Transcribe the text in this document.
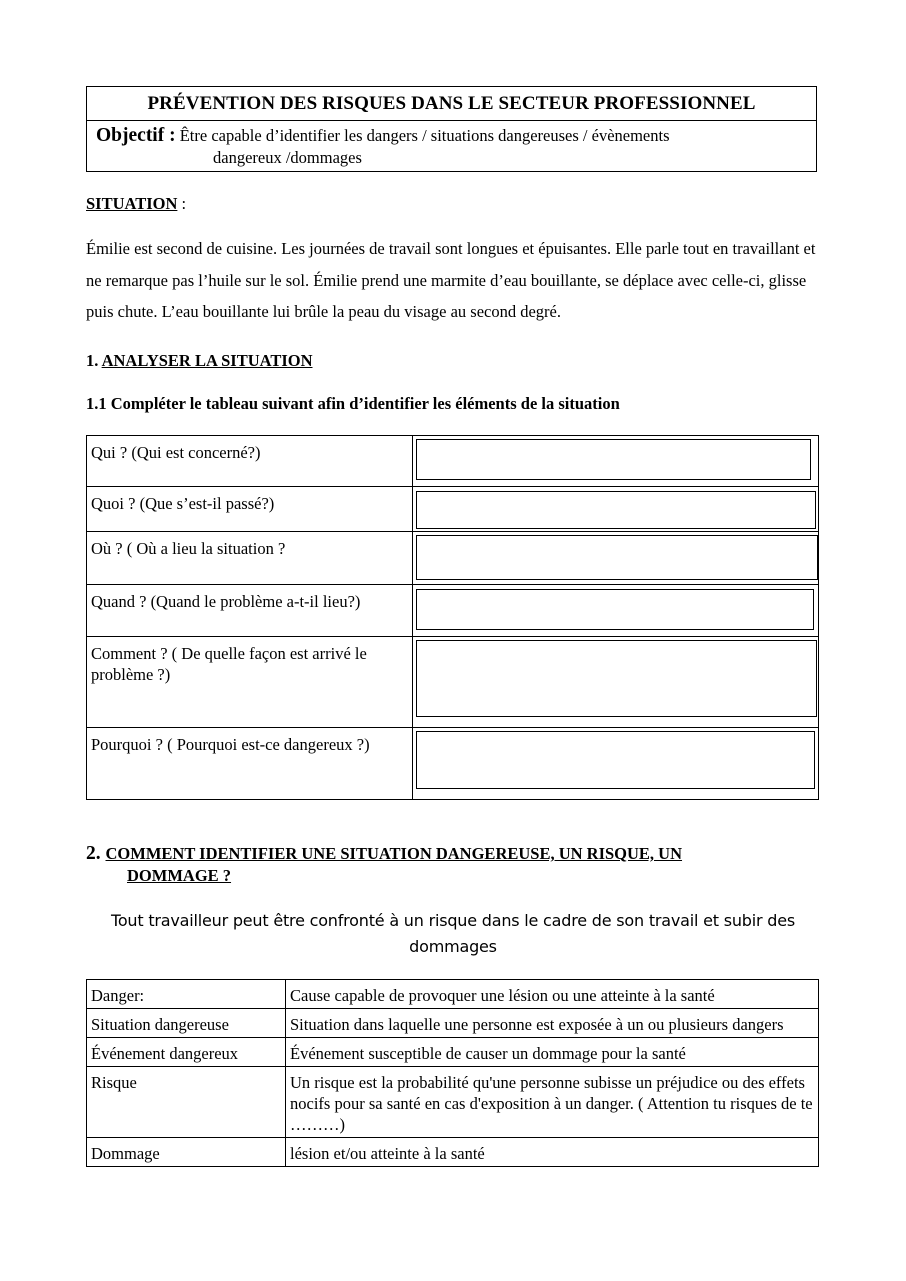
PRÉVENTION DES RISQUES DANS LE SECTEUR PROFESSIONNEL
Objectif : Être capable d’identifier les dangers / situations dangereuses / évènements
dangereux /dommages
SITUATION :
Émilie est second de cuisine. Les journées de travail sont longues et épuisantes. Elle parle tout en travaillant et ne remarque pas l’huile sur le sol. Émilie prend une marmite d’eau bouillante, se déplace avec celle-ci, glisse puis chute. L’eau bouillante lui brûle la peau du visage au second degré.
1. ANALYSER LA SITUATION
1.1 Compléter le tableau suivant afin d’identifier les éléments de la situation
Qui ? (Qui est concerné?)	

Quoi ? (Que s’est-il passé?)	

Où ? ( Où a lieu la situation ?	

Quand ? (Quand le problème a-t-il lieu?)	

Comment ? ( De quelle façon est arrivé le problème ?)	

Pourquoi ? ( Pourquoi est-ce dangereux ?)	
2. COMMENT IDENTIFIER UNE SITUATION DANGEREUSE, UN RISQUE, UN
DOMMAGE ?
Tout travailleur peut être confronté à un risque dans le cadre de son travail et subir des dommages
Danger:	Cause capable de provoquer une lésion ou une atteinte à la santé
Situation dangereuse	Situation dans laquelle une personne est exposée à un ou plusieurs dangers
Événement dangereux	Événement susceptible de causer un dommage pour la santé
Risque	Un risque est la probabilité qu'une personne subisse un préjudice ou des effets nocifs pour sa santé en cas d'exposition à un danger. ( Attention tu risques de te ………)
Dommage	lésion et/ou atteinte à la santé
